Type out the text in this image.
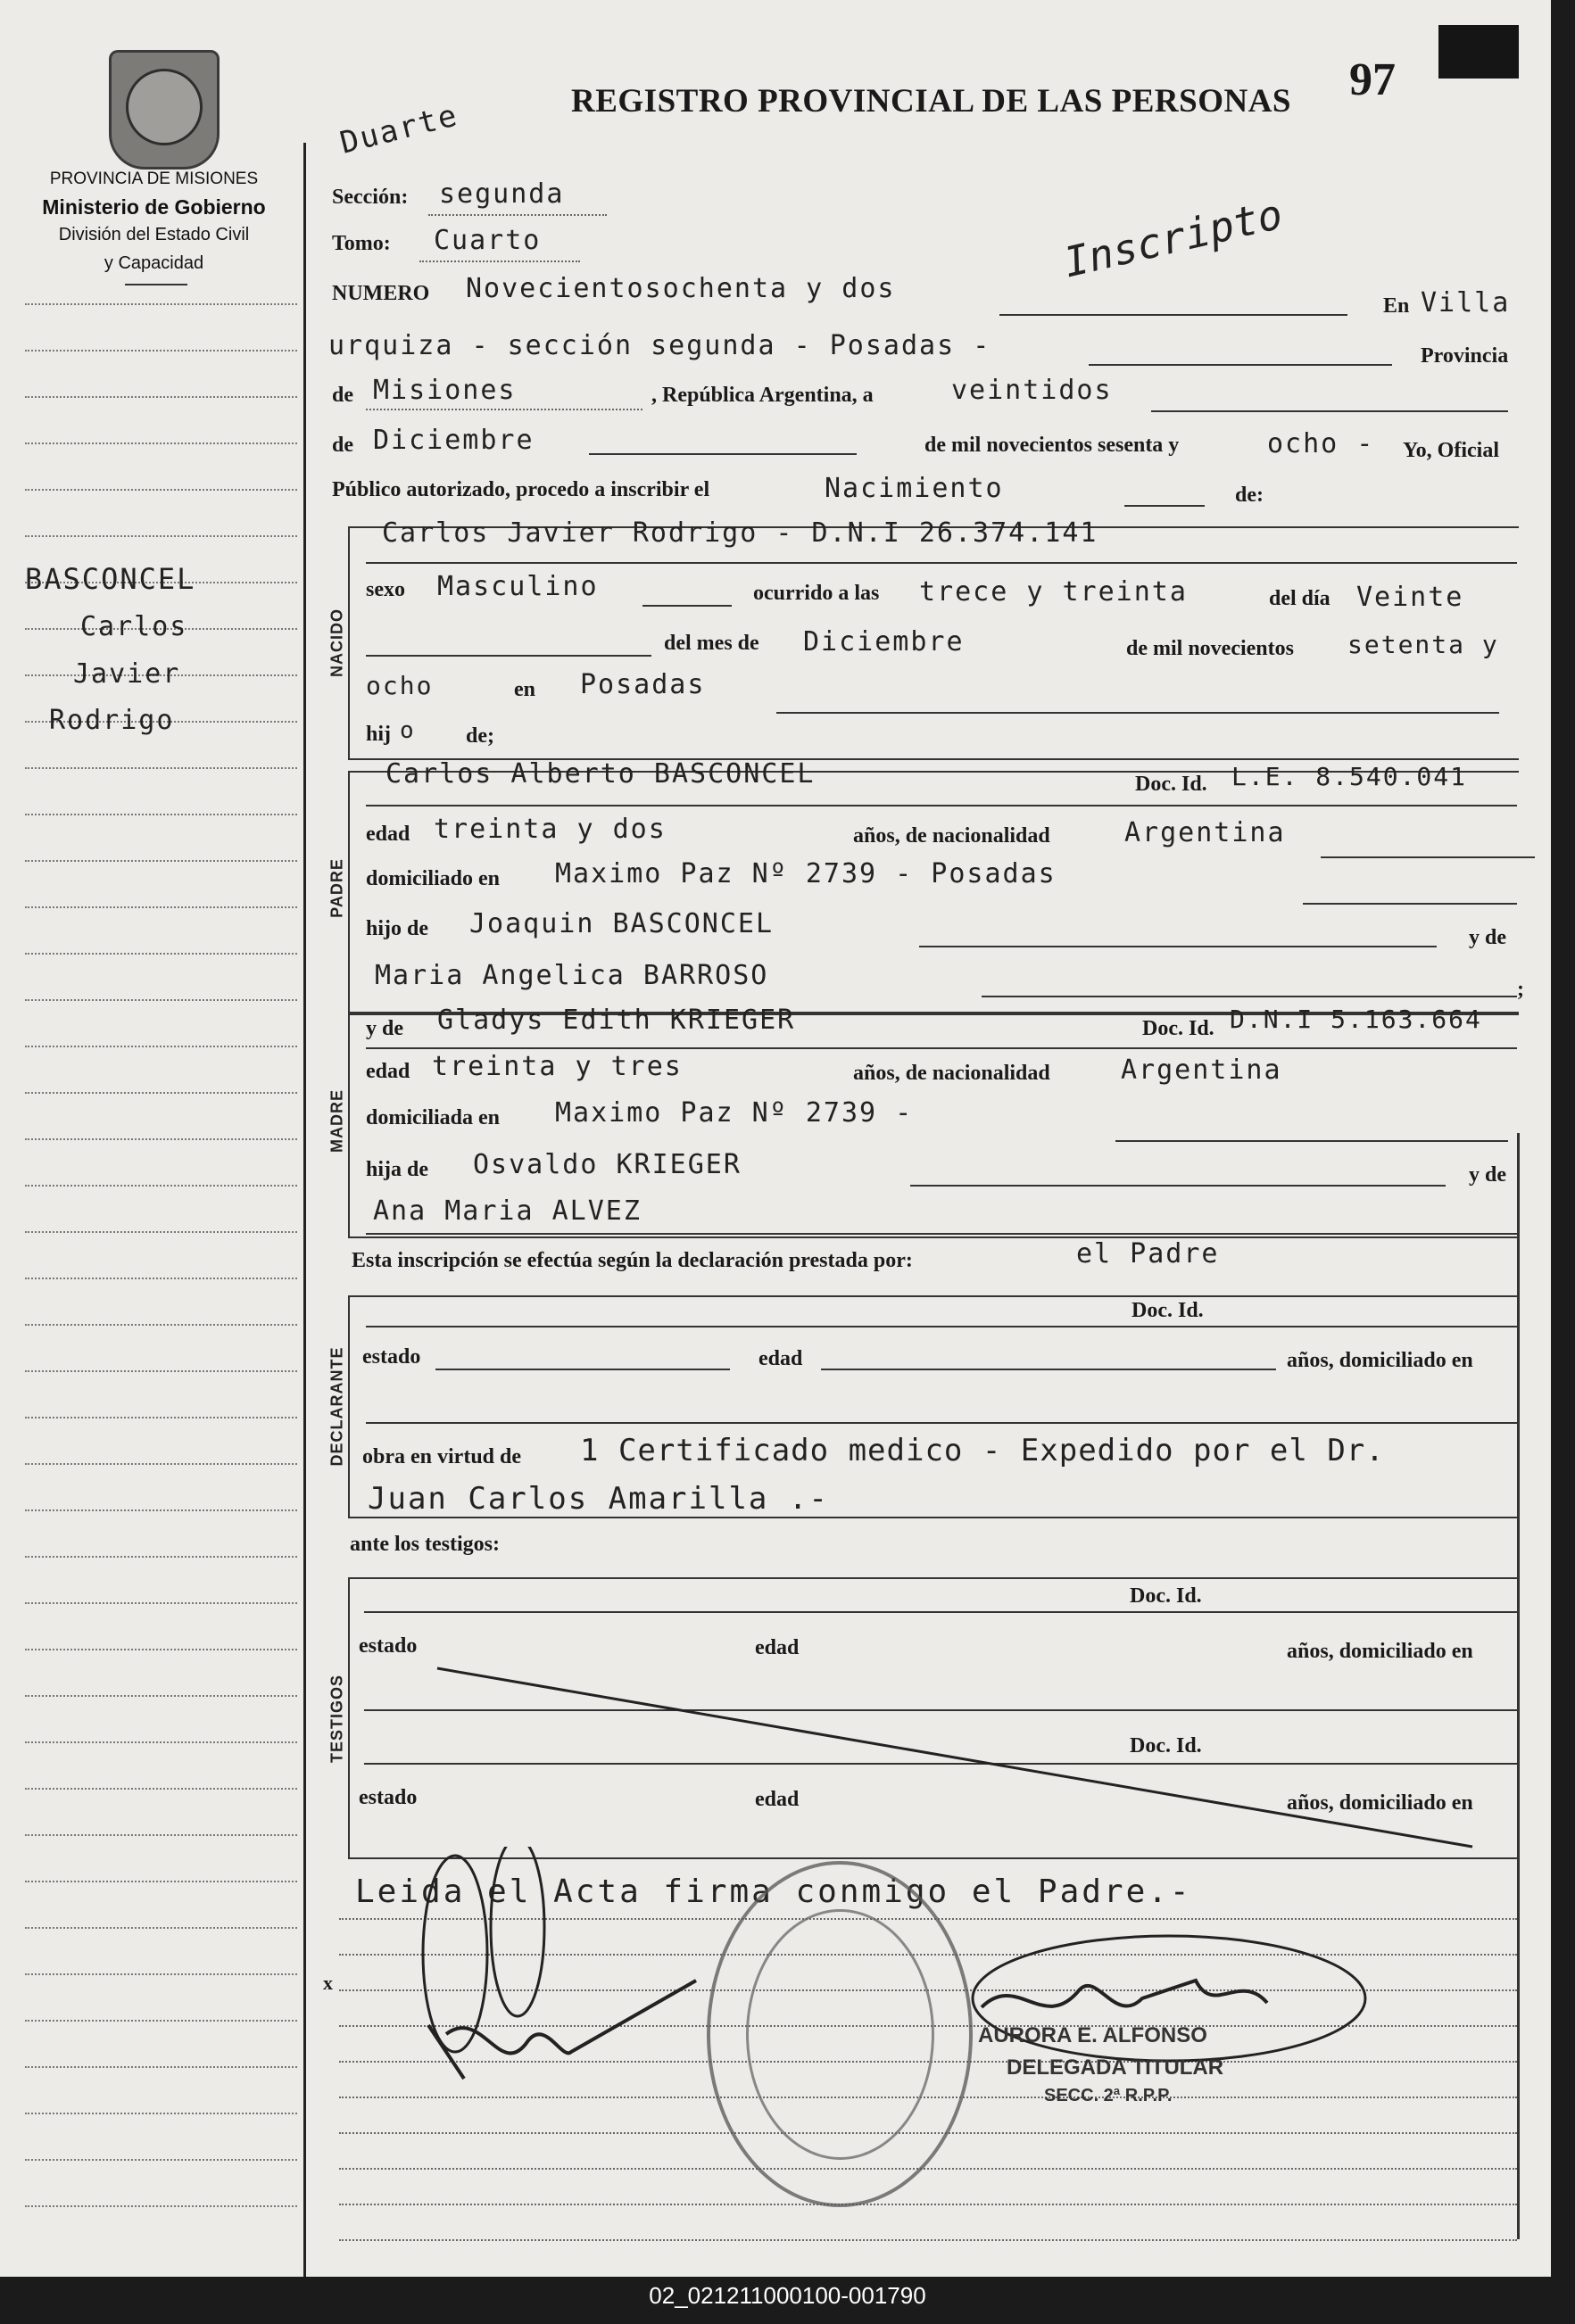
PROVINCIA DE MISIONES
Ministerio de Gobierno
División del Estado Civil
y Capacidad
BASCONCEL
Carlos
Javier
Rodrigo
REGISTRO PROVINCIAL DE LAS PERSONAS 97
Duarte
Inscripto
Sección: segunda
Tomo: Cuarto
NUMERO Novecientosochenta y dos
En Villa
urquiza - sección segunda - Posadas -	Provincia
de Misiones	, República Argentina, a	veintidos
de Diciembre	de mil novecientos sesenta y	ocho - Yo, Oficial
Público autorizado, procedo a inscribir el	Nacimiento	de:
NACIDO
Carlos Javier Rodrigo - D.N.I 26.374.141
sexo Masculino	ocurrido a las trece y treinta	del día Veinte
del mes de Diciembre	de mil novecientos setenta y
ocho	en Posadas
hij o de;
PADRE
Carlos Alberto BASCONCEL	Doc. Id. L.E. 8.540.041
edad treinta y dos	años, de nacionalidad	Argentina
domiciliado en Maximo Paz Nº 2739 - Posadas
hijo de Joaquin BASCONCEL	y de
Maria Angelica BARROSO	;
MADRE
y de Gladys Edith KRIEGER	Doc. Id. D.N.I 5.163.664
edad treinta y tres	años, de nacionalidad	Argentina
domiciliada en Maximo Paz Nº 2739 -
hija de Osvaldo KRIEGER	y de
Ana Maria ALVEZ
Esta inscripción se efectúa según la declaración prestada por:	el Padre
DECLARANTE
Doc. Id.
estado	edad	años, domiciliado en
obra en virtud de 1 Certificado medico - Expedido por el Dr.
Juan Carlos Amarilla .-
ante los testigos:
TESTIGOS
Doc. Id.
estado	edad	años, domiciliado en
Doc. Id.
estado	edad	años, domiciliado en
Leida el Acta firma conmigo el Padre.-
x
AURORA E. ALFONSO
DELEGADA TITULAR
SECC. 2ª R.P.P.
02_021211000100-001790
